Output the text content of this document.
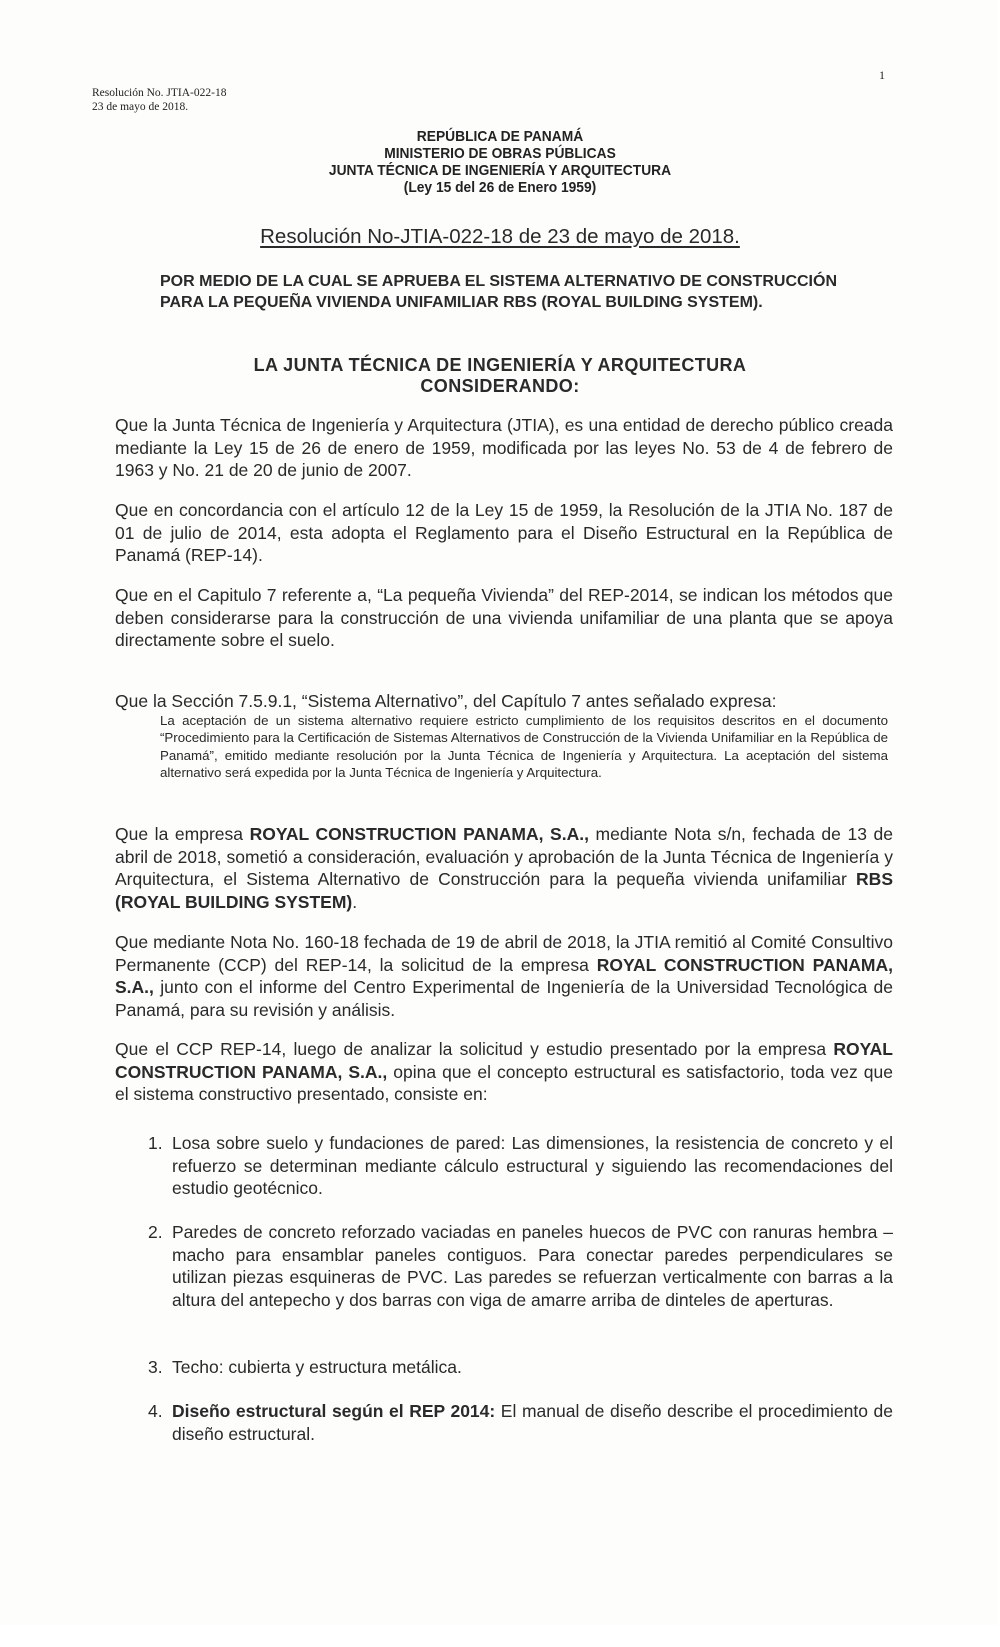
Resolución No. JTIA-022-18
23 de mayo de 2018.
1
REPÚBLICA DE PANAMÁ
MINISTERIO DE OBRAS PÚBLICAS
JUNTA TÉCNICA DE INGENIERÍA Y ARQUITECTURA
(Ley 15 del 26 de Enero 1959)
Resolución No-JTIA-022-18 de 23 de mayo de 2018.
POR MEDIO DE LA CUAL SE APRUEBA EL SISTEMA ALTERNATIVO DE CONSTRUCCIÓN PARA LA PEQUEÑA VIVIENDA UNIFAMILIAR RBS (ROYAL BUILDING SYSTEM).
LA JUNTA TÉCNICA DE INGENIERÍA Y ARQUITECTURA
CONSIDERANDO:
Que la Junta Técnica de Ingeniería y Arquitectura (JTIA), es una entidad de derecho público creada mediante la Ley 15 de 26 de enero de 1959, modificada por las leyes No. 53 de 4 de febrero de 1963 y No. 21 de 20 de junio de 2007.
Que en concordancia con el artículo 12 de la Ley 15 de 1959, la Resolución de la JTIA No. 187 de 01 de julio de 2014, esta adopta el Reglamento para el Diseño Estructural en la República de Panamá (REP-14).
Que en el Capitulo 7 referente a, “La pequeña Vivienda” del REP-2014, se indican los métodos que deben considerarse para la construcción de una vivienda unifamiliar de una planta que se apoya directamente sobre el suelo.
Que la Sección 7.5.9.1, “Sistema Alternativo”, del Capítulo 7 antes señalado expresa:
La aceptación de un sistema alternativo requiere estricto cumplimiento de los requisitos descritos en el documento “Procedimiento para la Certificación de Sistemas Alternativos de Construcción de la Vivienda Unifamiliar en la República de Panamá”, emitido mediante resolución por la Junta Técnica de Ingeniería y Arquitectura. La aceptación del sistema alternativo será expedida por la Junta Técnica de Ingeniería y Arquitectura.
Que la empresa ROYAL CONSTRUCTION PANAMA, S.A., mediante Nota s/n, fechada de 13 de abril de 2018, sometió a consideración, evaluación y aprobación de la Junta Técnica de Ingeniería y Arquitectura, el Sistema Alternativo de Construcción para la pequeña vivienda unifamiliar RBS (ROYAL BUILDING SYSTEM).
Que mediante Nota No. 160-18 fechada de 19 de abril de 2018, la JTIA remitió al Comité Consultivo Permanente (CCP) del REP-14, la solicitud de la empresa ROYAL CONSTRUCTION PANAMA, S.A., junto con el informe del Centro Experimental de Ingeniería de la Universidad Tecnológica de Panamá, para su revisión y análisis.
Que el CCP REP-14, luego de analizar la solicitud y estudio presentado por la empresa ROYAL CONSTRUCTION PANAMA, S.A., opina que el concepto estructural es satisfactorio, toda vez que el sistema constructivo presentado, consiste en:
1. Losa sobre suelo y fundaciones de pared: Las dimensiones, la resistencia de concreto y el refuerzo se determinan mediante cálculo estructural y siguiendo las recomendaciones del estudio geotécnico.
2. Paredes de concreto reforzado vaciadas en paneles huecos de PVC con ranuras hembra – macho para ensamblar paneles contiguos. Para conectar paredes perpendiculares se utilizan piezas esquineras de PVC. Las paredes se refuerzan verticalmente con barras a la altura del antepecho y dos barras con viga de amarre arriba de dinteles de aperturas.
3. Techo: cubierta y estructura metálica.
4. Diseño estructural según el REP 2014: El manual de diseño describe el procedimiento de diseño estructural.
